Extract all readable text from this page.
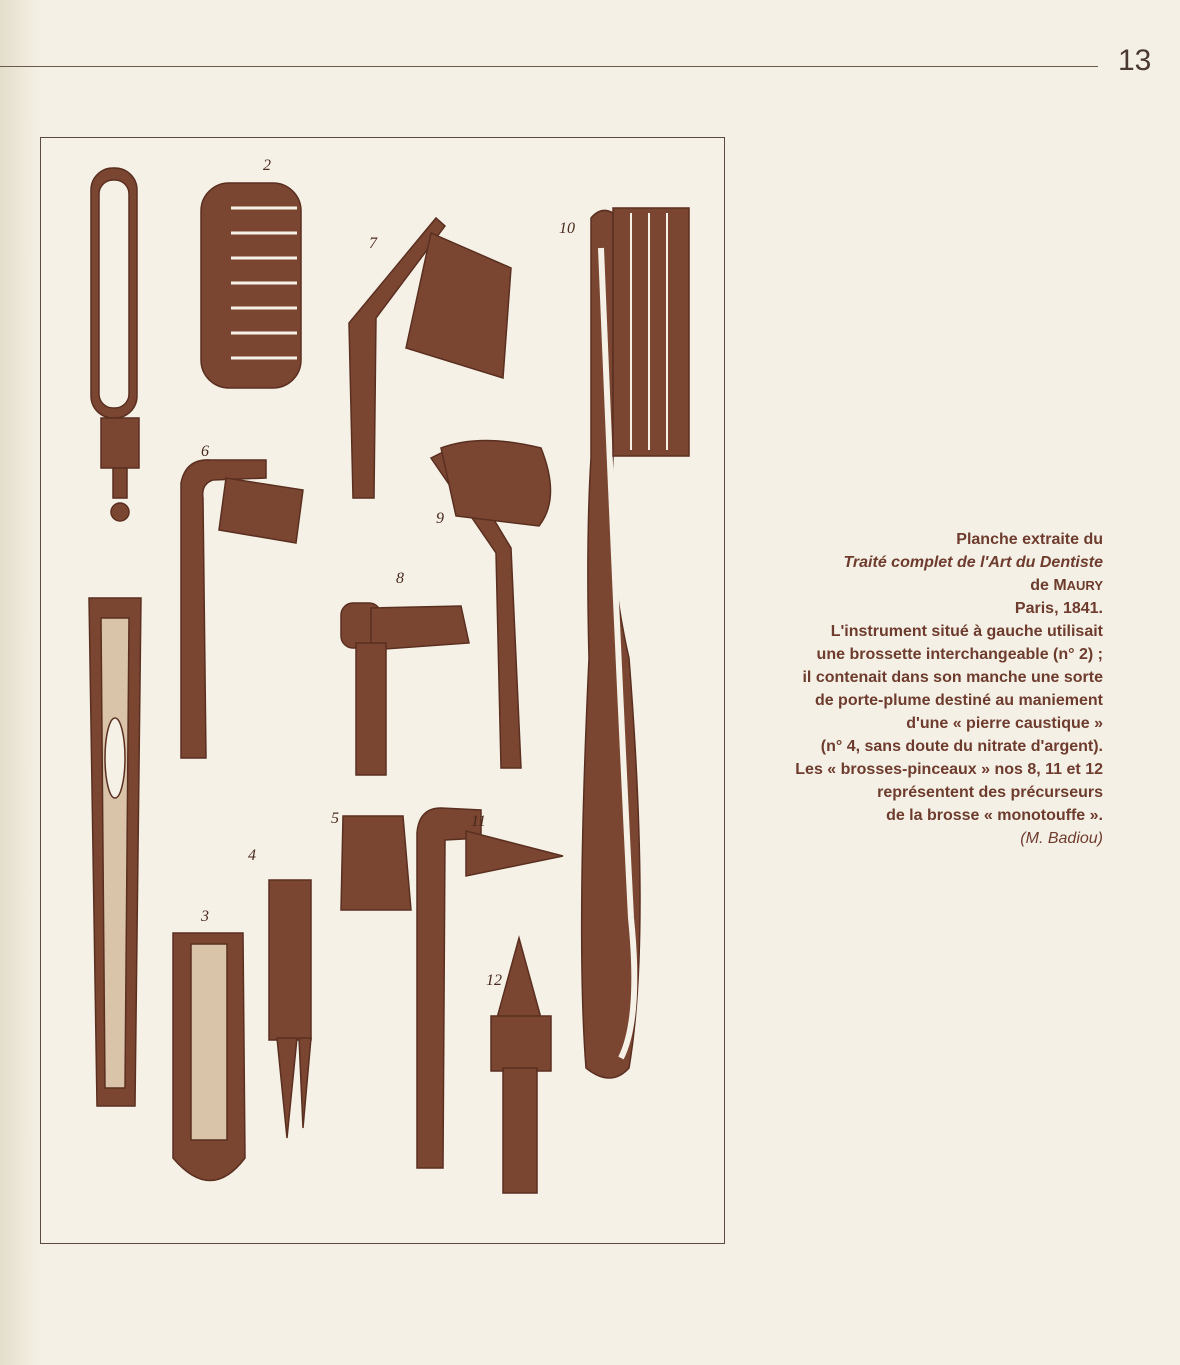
13
2
7
10
6
9
8
4
5	11
3
12
Planche extraite du
Traité complet de l'Art du Dentiste
de MAURY
Paris, 1841.
L'instrument situé à gauche utilisait
une brossette interchangeable (n° 2) ;
il contenait dans son manche une sorte
de porte-plume destiné au maniement
d'une « pierre caustique »
(n° 4, sans doute du nitrate d'argent).
Les « brosses-pinceaux » nos 8, 11 et 12
représentent des précurseurs
de la brosse « monotouffe ».
(M. Badiou)
